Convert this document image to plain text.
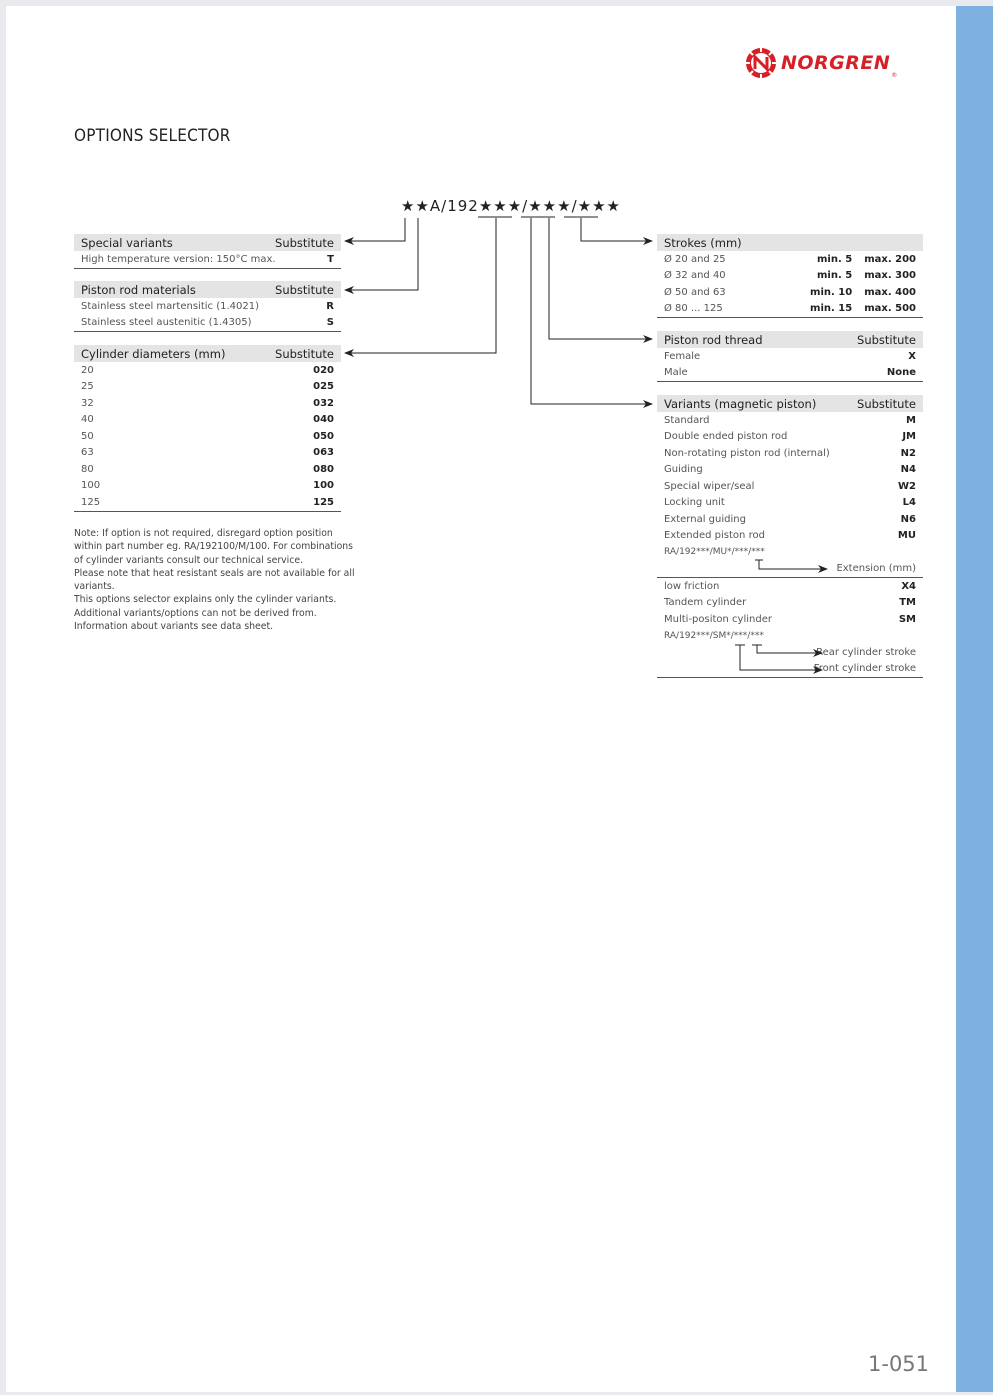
NORGREN
®
OPTIONS SELECTOR
★★A/192★★★/★★★/★★★
Special variants	Substitute
High temperature version: 150°C max.	T
Piston rod materials	Substitute
Stainless steel martensitic (1.4021)	R
Stainless steel austenitic (1.4305)	S
Cylinder diameters (mm)	Substitute
20	020
25	025
32	032
40	040
50	050
63	063
80	080
100	100
125	125
Note: If option is not required, disregard option position
within part number eg. RA/192100/M/100. For combinations
of cylinder variants consult our technical service.
Please note that heat resistant seals are not available for all
variants.
This options selector explains only the cylinder variants.
Additional variants/options can not be derived from.
Information about variants see data sheet.
Strokes (mm)
Ø 20 and 25	min. 5 max. 200
Ø 32 and 40	min. 5 max. 300
Ø 50 and 63	min. 10 max. 400
Ø 80 ... 125	min. 15 max. 500
Piston rod thread	Substitute
Female	X
Male	None
Variants (magnetic piston)	Substitute
Standard	M
Double ended piston rod	JM
Non-rotating piston rod (internal)	N2
Guiding	N4
Special wiper/seal	W2
Locking unit	L4
External guiding	N6
Extended piston rod	MU
RA/192***/MU*/***/***
Extension (mm)
low friction	X4
Tandem cylinder	TM
Multi-positon cylinder	SM
RA/192***/SM*/***/***
Rear cylinder stroke
Front cylinder stroke
1-051
